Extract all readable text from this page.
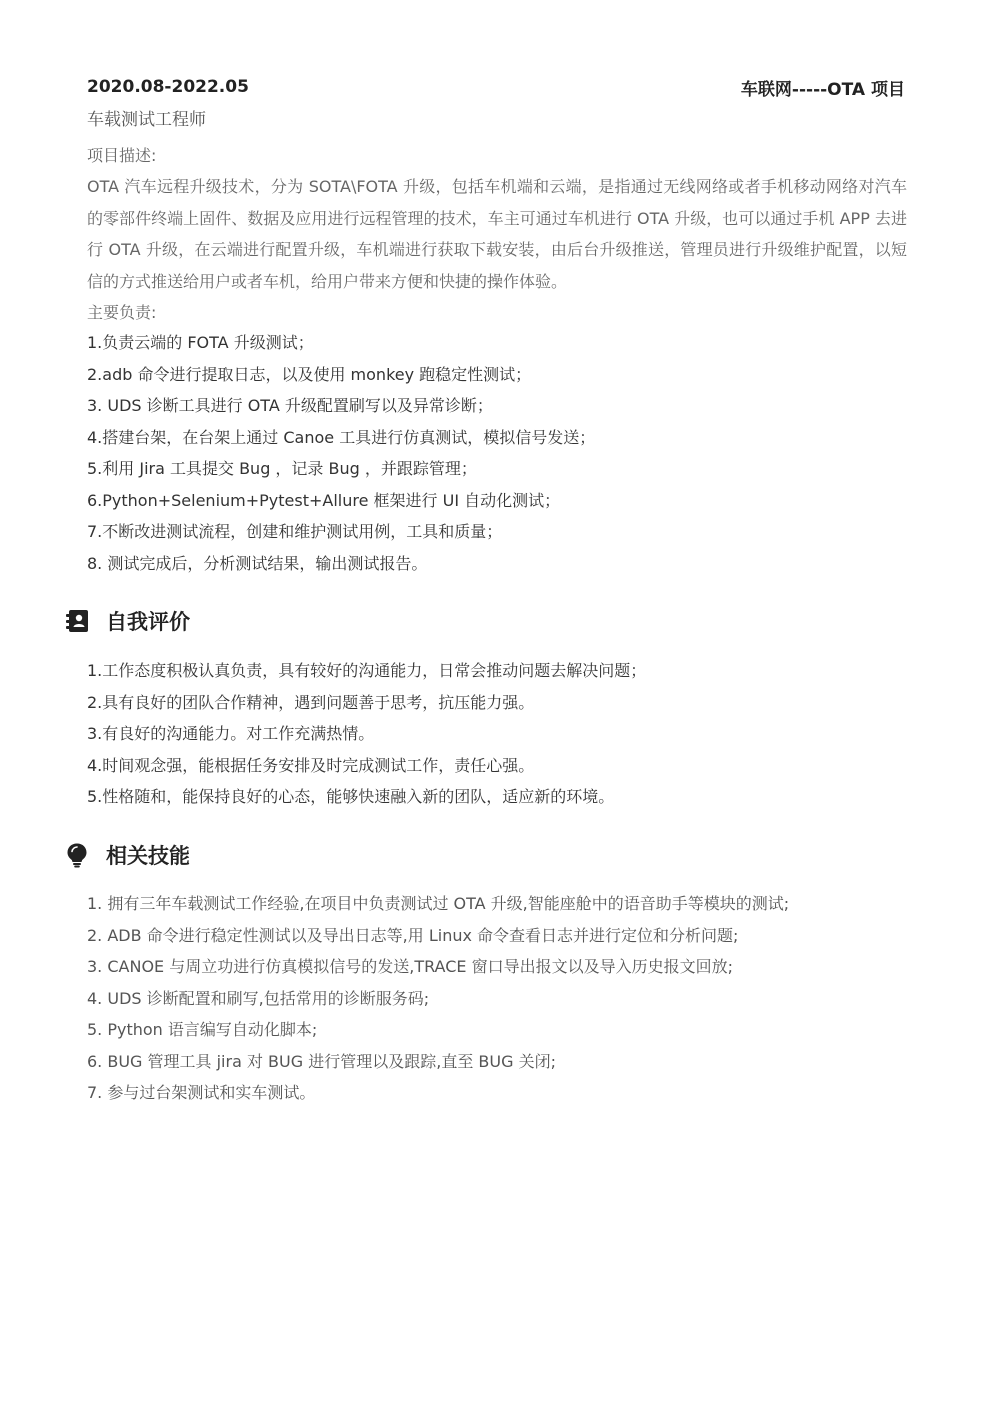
2020.08-2022.05	车联网-----OTA 项目
车载测试工程师
项目描述:
OTA 汽车远程升级技术，分为 SOTA\FOTA 升级，包括车机端和云端，是指通过无线网络或者手机移动网络对汽车的零部件终端上固件、数据及应用进行远程管理的技术，车主可通过车机进行 OTA 升级，也可以通过手机 APP 去进行 OTA 升级，在云端进行配置升级，车机端进行获取下载安装，由后台升级推送，管理员进行升级维护配置，以短信的方式推送给用户或者车机，给用户带来方便和快捷的操作体验。
主要负责:
1.负责云端的 FOTA 升级测试；
2.adb 命令进行提取日志，以及使用 monkey 跑稳定性测试；
3. UDS 诊断工具进行 OTA 升级配置刷写以及异常诊断；
4.搭建台架，在台架上通过 Canoe 工具进行仿真测试，模拟信号发送；
5.利用 Jira 工具提交 Bug ，记录 Bug ，并跟踪管理；
6.Python+Selenium+Pytest+Allure 框架进行 UI 自动化测试；
7.不断改进测试流程，创建和维护测试用例，工具和质量；
8. 测试完成后，分析测试结果，输出测试报告。
自我评价
1.工作态度积极认真负责，具有较好的沟通能力，日常会推动问题去解决问题；
2.具有良好的团队合作精神，遇到问题善于思考，抗压能力强。
3.有良好的沟通能力。对工作充满热情。
4.时间观念强，能根据任务安排及时完成测试工作，责任心强。
5.性格随和，能保持良好的心态，能够快速融入新的团队，适应新的环境。
相关技能
1. 拥有三年车载测试工作经验,在项目中负责测试过 OTA 升级,智能座舱中的语音助手等模块的测试;
2. ADB 命令进行稳定性测试以及导出日志等,用 Linux 命令查看日志并进行定位和分析问题;
3. CANOE 与周立功进行仿真模拟信号的发送,TRACE 窗口导出报文以及导入历史报文回放;
4. UDS 诊断配置和刷写,包括常用的诊断服务码;
5. Python 语言编写自动化脚本;
6. BUG 管理工具 jira 对 BUG 进行管理以及跟踪,直至 BUG 关闭;
7. 参与过台架测试和实车测试。
